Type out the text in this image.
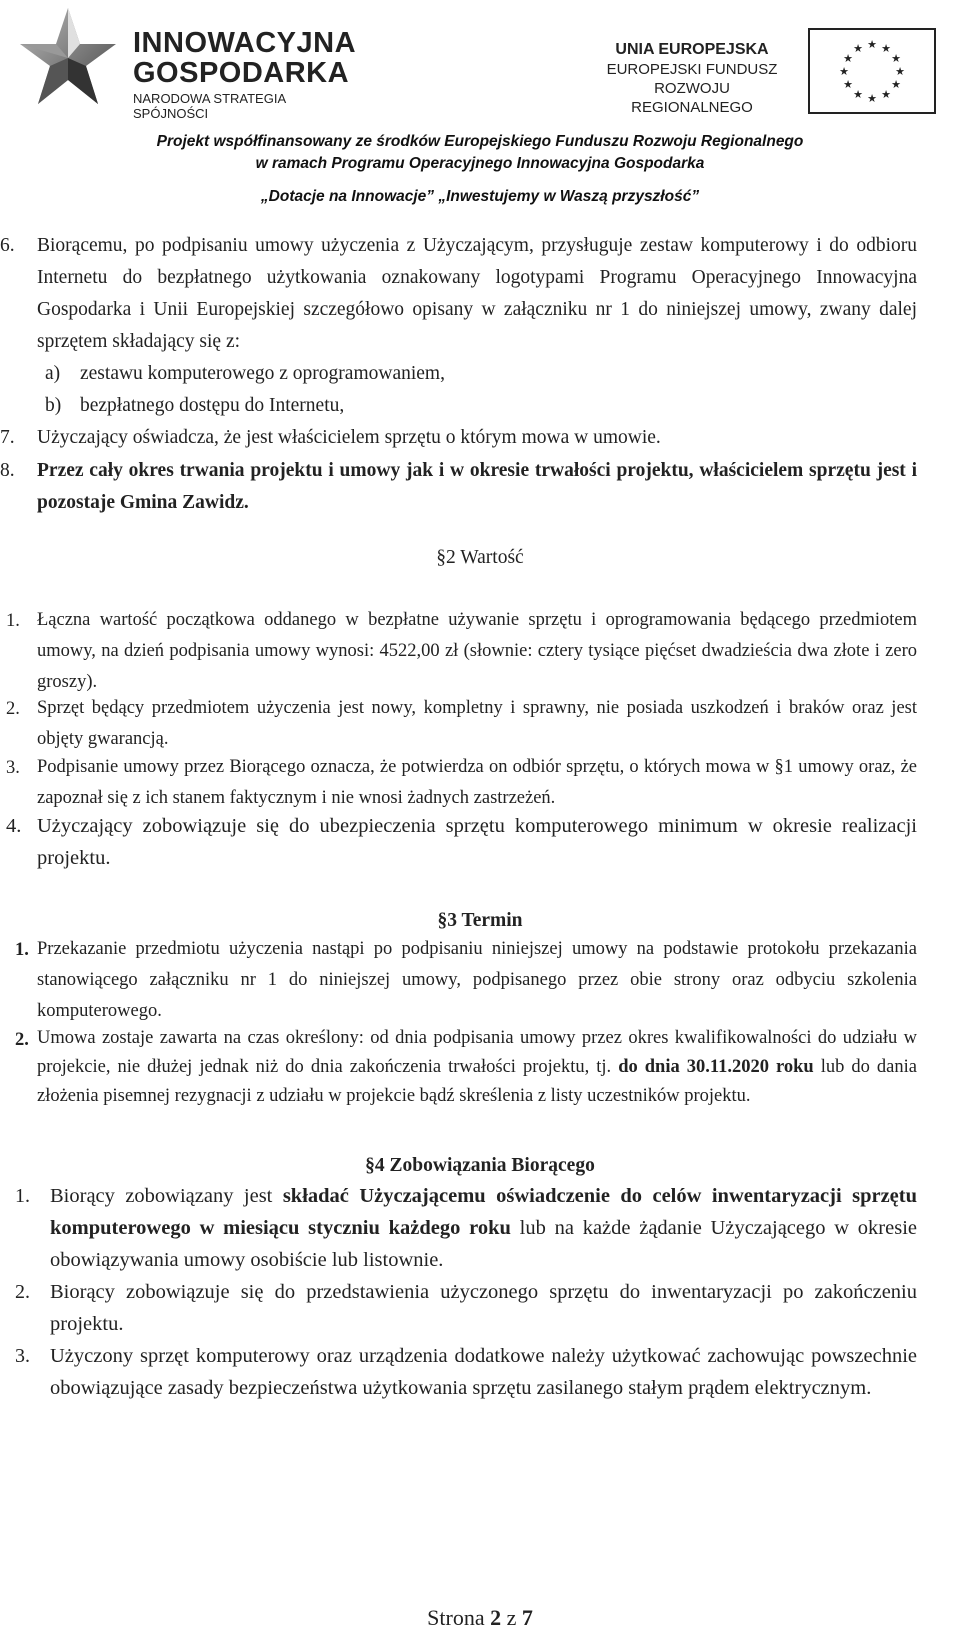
INNOWACYJNA
GOSPODARKA
NARODOWA STRATEGIA SPÓJNOŚCI
UNIA EUROPEJSKA
EUROPEJSKI FUNDUSZ
ROZWOJU REGIONALNEGO
★ ★
★
★
★
★
★
★
★
★
★
★
Projekt współfinansowany ze środków Europejskiego Funduszu Rozwoju Regionalnego
w ramach Programu Operacyjnego Innowacyjna Gospodarka
„Dotacje na Innowacje” „Inwestujemy w Waszą przyszłość”
6. Biorącemu, po podpisaniu umowy użyczenia z Użyczającym, przysługuje zestaw komputerowy i do odbioru Internetu do bezpłatnego użytkowania oznakowany logotypami Programu Operacyjnego Innowacyjna Gospodarka i Unii Europejskiej szczegółowo opisany w załączniku nr 1 do niniejszej umowy, zwany dalej sprzętem składający się z:
a) zestawu komputerowego z oprogramowaniem,
b) bezpłatnego dostępu do Internetu,
7. Użyczający oświadcza, że jest właścicielem sprzętu o którym mowa w umowie.
8. Przez cały okres trwania projektu i umowy jak i w okresie trwałości projektu, właścicielem sprzętu jest i pozostaje Gmina Zawidz.
§2 Wartość
1. Łączna wartość początkowa oddanego w bezpłatne używanie sprzętu i oprogramowania będącego przedmiotem umowy, na dzień podpisania umowy wynosi: 4522,00 zł (słownie: cztery tysiące pięćset dwadzieścia dwa złote i zero groszy).
2. Sprzęt będący przedmiotem użyczenia jest nowy, kompletny i sprawny, nie posiada uszkodzeń i braków oraz jest objęty gwarancją.
3. Podpisanie umowy przez Biorącego oznacza, że potwierdza on odbiór sprzętu, o których mowa w §1 umowy oraz, że zapoznał się z ich stanem faktycznym i nie wnosi żadnych zastrzeżeń.
4. Użyczający zobowiązuje się do ubezpieczenia sprzętu komputerowego minimum w okresie realizacji projektu.
§3 Termin
1. Przekazanie przedmiotu użyczenia nastąpi po podpisaniu niniejszej umowy na podstawie protokołu przekazania stanowiącego załączniku nr 1 do niniejszej umowy, podpisanego przez obie strony oraz odbyciu szkolenia komputerowego.
2. Umowa zostaje zawarta na czas określony: od dnia podpisania umowy przez okres kwalifikowalności do udziału w projekcie, nie dłużej jednak niż do dnia zakończenia trwałości projektu, tj. do dnia 30.11.2020 roku lub do dania złożenia pisemnej rezygnacji z udziału w projekcie bądź skreślenia z listy uczestników projektu.
§4 Zobowiązania Biorącego
1. Biorący zobowiązany jest składać Użyczającemu oświadczenie do celów inwentaryzacji sprzętu komputerowego w miesiącu styczniu każdego roku lub na każde żądanie Użyczającego w okresie obowiązywania umowy osobiście lub listownie.
2. Biorący zobowiązuje się do przedstawienia użyczonego sprzętu do inwentaryzacji po zakończeniu projektu.
3. Użyczony sprzęt komputerowy oraz urządzenia dodatkowe należy użytkować zachowując powszechnie obowiązujące zasady bezpieczeństwa użytkowania sprzętu zasilanego stałym prądem elektrycznym.
Strona 2 z 7
